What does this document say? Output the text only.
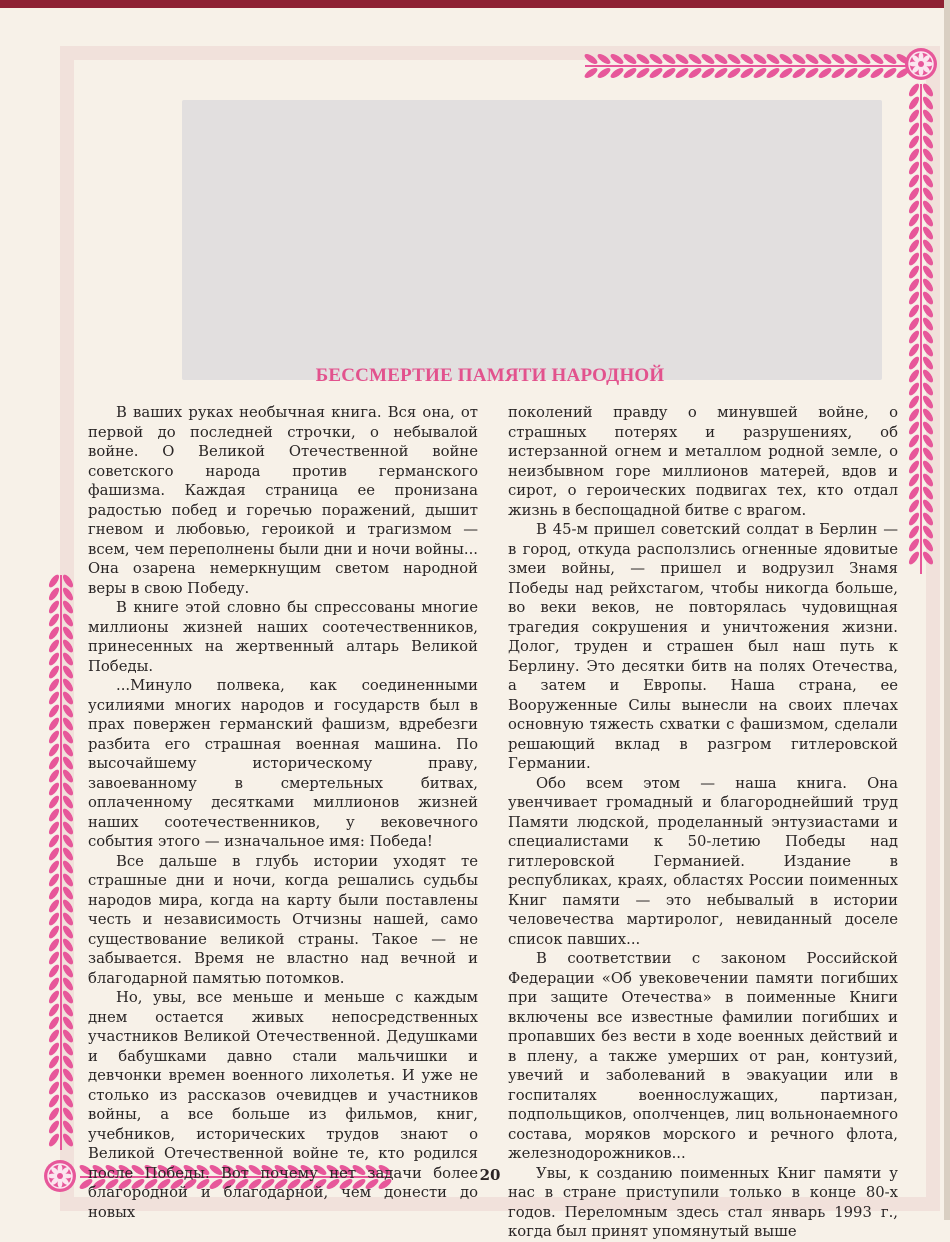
БЕССМЕРТИЕ ПАМЯТИ НАРОДНОЙ

В ваших руках необычная книга. Вся она, от первой до последней строчки, о небывалой войне. О Великой Отечественной войне советского народа против германского фашизма. Каждая страница ее пронизана радостью побед и горечью поражений, дышит гневом и любовью, героикой и трагизмом — всем, чем переполнены были дни и ночи войны... Она озарена немеркнущим светом народной веры в свою Победу.

В книге этой словно бы спрессованы многие миллионы жизней наших соотечественников, принесенных на жертвенный алтарь Великой Победы.

...Минуло полвека, как соединенными усилиями многих народов и государств был в прах повержен германский фашизм, вдребезги разбита его страшная военная машина. По высочайшему историческому праву, завоеванному в смертельных битвах, оплаченному десятками миллионов жизней наших соотечественников, у вековечного события этого — изначальное имя: Победа!

Все дальше в глубь истории уходят те страшные дни и ночи, когда решались судьбы народов мира, когда на карту были поставлены честь и независимость Отчизны нашей, само существование великой страны. Такое — не забывается. Время не властно над вечной и благодарной памятью потомков.

Но, увы, все меньше и меньше с каждым днем остается живых непосредственных участников Великой Отечественной. Дедушками и бабушками давно стали мальчишки и девчонки времен военного лихолетья. И уже не столько из рассказов очевидцев и участников войны, а все больше из фильмов, книг, учебников, исторических трудов знают о Великой Отечественной войне те, кто родился после Победы. Вот почему нет задачи более благородной и благодарной, чем донести до новых

поколений правду о минувшей войне, о страшных потерях и разрушениях, об истерзанной огнем и металлом родной земле, о неизбывном горе миллионов матерей, вдов и сирот, о героических подвигах тех, кто отдал жизнь в беспощадной битве с врагом.

В 45-м пришел советский солдат в Берлин — в город, откуда расползлись огненные ядовитые змеи войны, — пришел и водрузил Знамя Победы над рейхстагом, чтобы никогда больше, во веки веков, не повторялась чудовищная трагедия сокрушения и уничтожения жизни. Долог, труден и страшен был наш путь к Берлину. Это десятки битв на полях Отечества, а затем и Европы. Наша страна, ее Вооруженные Силы вынесли на своих плечах основную тяжесть схватки с фашизмом, сделали решающий вклад в разгром гитлеровской Германии.

Обо всем этом — наша книга. Она увенчивает громадный и благороднейший труд Памяти людской, проделанный энтузиастами и специалистами к 50-летию Победы над гитлеровской Германией. Издание в республиках, краях, областях России поименных Книг памяти — это небывалый в истории человечества мартиролог, невиданный доселе список павших...

В соответствии с законом Российской Федерации «Об увековечении памяти погибших при защите Отечества» в поименные Книги включены все известные фамилии погибших и пропавших без вести в ходе военных действий и в плену, а также умерших от ран, контузий, увечий и заболеваний в эвакуации или в госпиталях военнослужащих, партизан, подпольщиков, ополченцев, лиц вольнонаемного состава, моряков морского и речного флота, железнодорожников...

Увы, к созданию поименных Книг памяти у нас в стране приступили только в конце 80-х годов. Переломным здесь стал январь 1993 г., когда был принят упомянутый выше

20
